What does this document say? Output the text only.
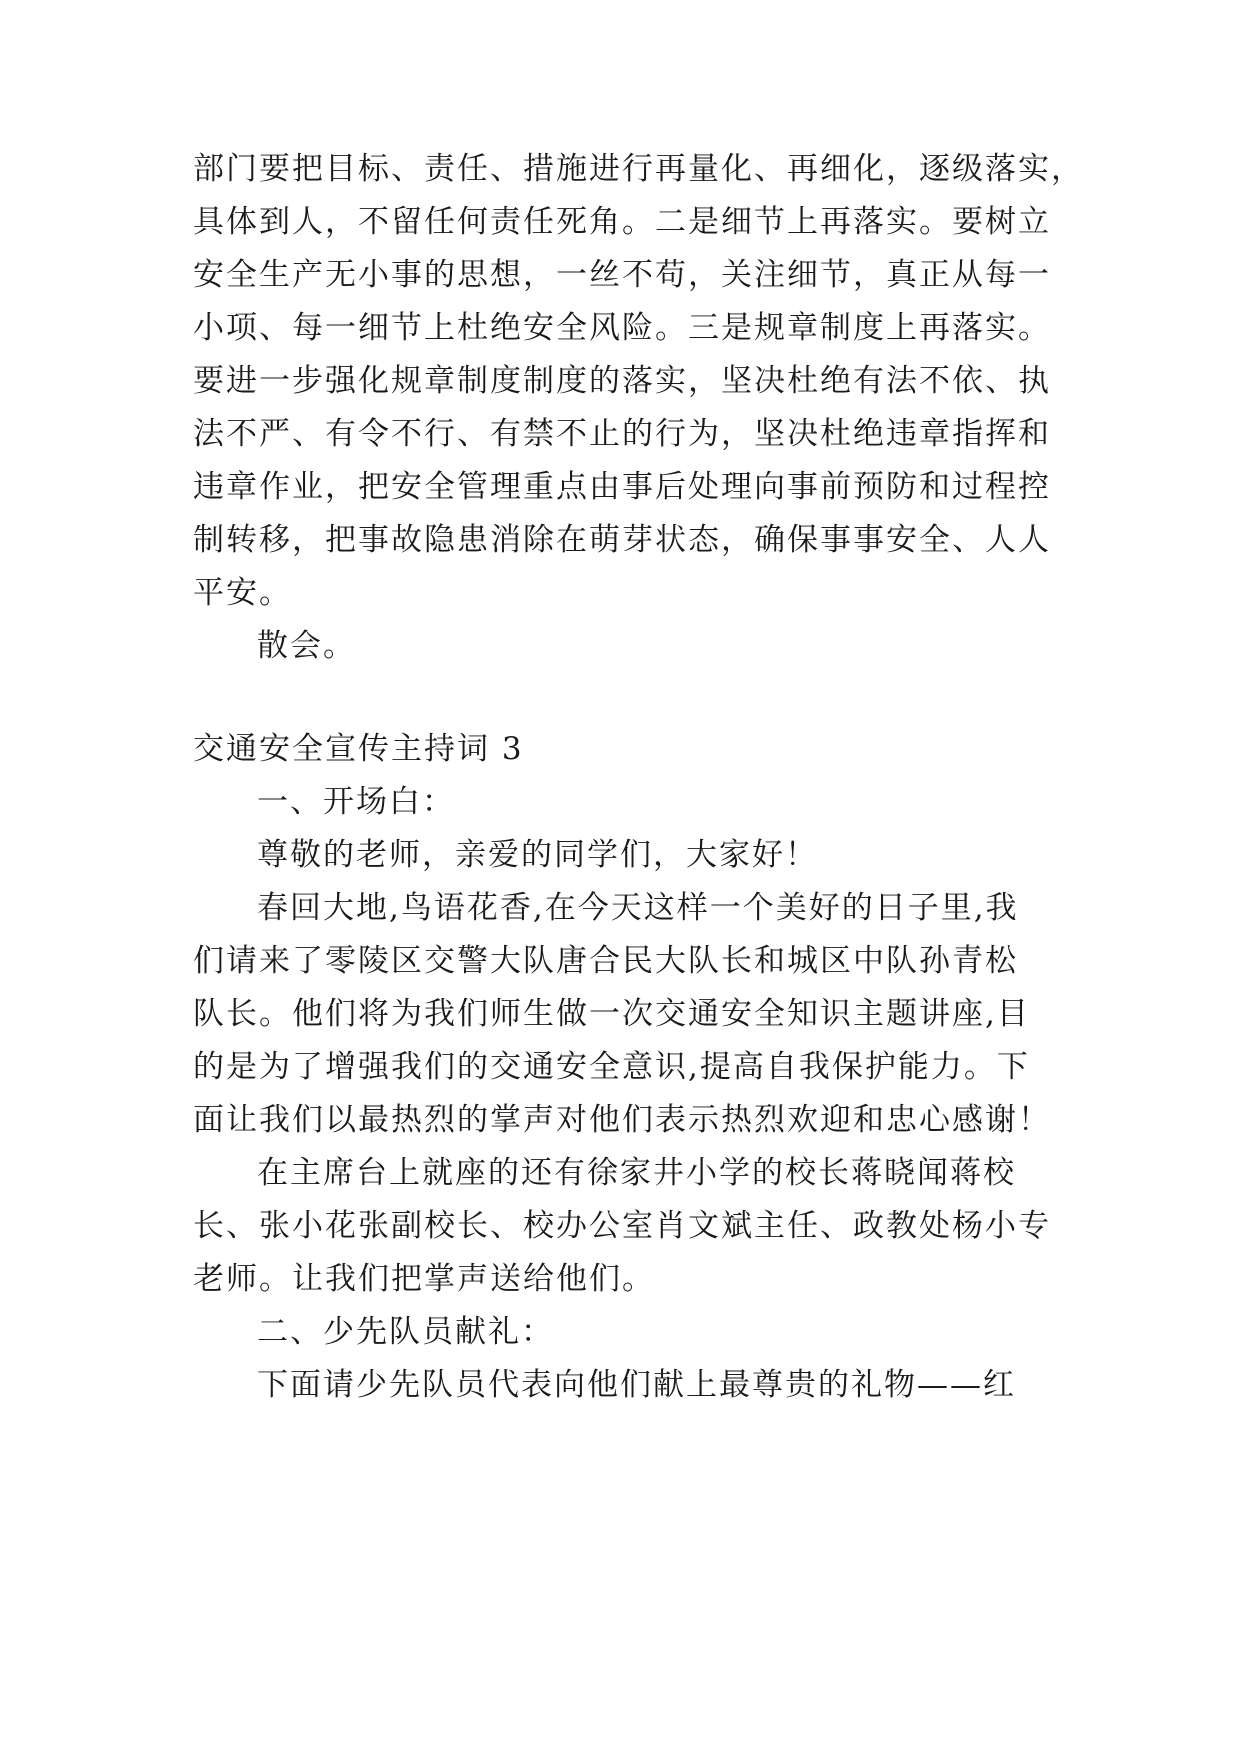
部门要把目标、责任、措施进行再量化、再细化，逐级落实，
具体到人，不留任何责任死角。二是细节上再落实。要树立
安全生产无小事的思想，一丝不苟，关注细节，真正从每一
小项、每一细节上杜绝安全风险。三是规章制度上再落实。
要进一步强化规章制度制度的落实，坚决杜绝有法不依、执
法不严、有令不行、有禁不止的行为，坚决杜绝违章指挥和
违章作业，把安全管理重点由事后处理向事前预防和过程控
制转移，把事故隐患消除在萌芽状态，确保事事安全、人人
平安。
散会。
交通安全宣传主持词 3
一、开场白：
尊敬的老师，亲爱的同学们，大家好！
春回大地,鸟语花香,在今天这样一个美好的日子里,我
们请来了零陵区交警大队唐合民大队长和城区中队孙青松
队长。他们将为我们师生做一次交通安全知识主题讲座,目
的是为了增强我们的交通安全意识,提高自我保护能力。下
面让我们以最热烈的掌声对他们表示热烈欢迎和忠心感谢！
在主席台上就座的还有徐家井小学的校长蒋晓闻蒋校
长、张小花张副校长、校办公室肖文斌主任、政教处杨小专
老师。让我们把掌声送给他们。
二、少先队员献礼：
下面请少先队员代表向他们献上最尊贵的礼物——红
